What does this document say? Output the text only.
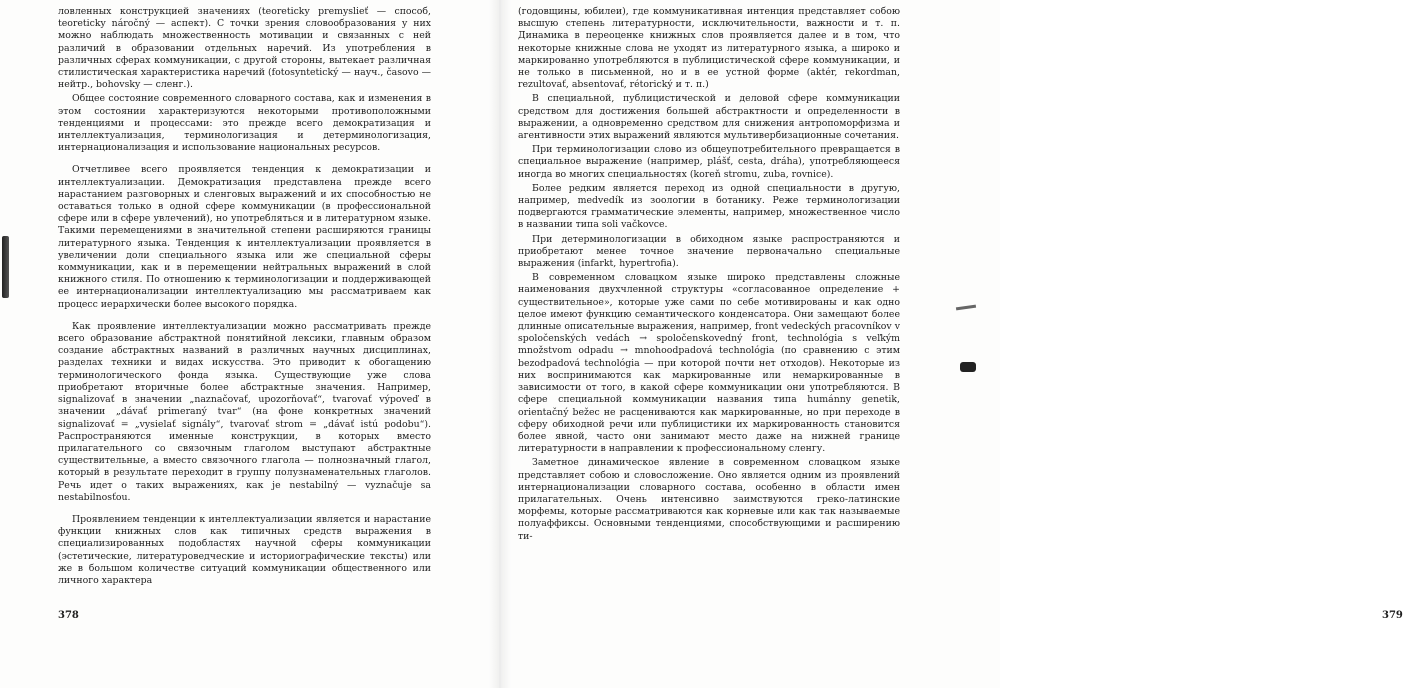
ловленных конструкцией значениях (teoreticky premyslieť — способ, teoreticky náročný — аспект). С точки зрения словообразования у них можно наблюдать множественность мотивации и связанных с ней различий в образовании отдельных наречий. Из употребления в различных сферах коммуникации, с другой стороны, вытекает различная стилистическая характеристика наречий (fotosyntetický — науч., časovo — нейтр., bohovsky — сленг.).

Общее состояние современного словарного состава, как и изменения в этом состоянии характеризуются некоторыми противоположными тенденциями и процессами: это прежде всего демократизация и интеллектуализация, терминологизация и детерминологизация, интернационализация и использование национальных ресурсов.

Отчетливее всего проявляется тенденция к демократизации и интеллектуализации. Демократизация представлена прежде всего нарастанием разговорных и сленговых выражений и их способностью не оставаться только в одной сфере коммуникации (в профессиональной сфере или в сфере увлечений), но употребляться и в литературном языке. Такими перемещениями в значительной степени расширяются границы литературного языка. Тенденция к интеллектуализации проявляется в увеличении доли специального языка или же специальной сферы коммуникации, как и в перемещении нейтральных выражений в слой книжного стиля. По отношению к терминологизации и поддерживающей ее интернационализации интеллектуализацию мы рассматриваем как процесс иерархически более высокого порядка.

Как проявление интеллектуализации можно рассматривать прежде всего образование абстрактной понятийной лексики, главным образом создание абстрактных названий в различных научных дисциплинах, разделах техники и видах искусства. Это приводит к обогащению терминологического фонда языка. Существующие уже слова приобретают вторичные более абстрактные значения. Например, signalizovať в значении „naznačovať, upozorňovať“, tvarovať výpoveď в значении „dávať primeraný tvar“ (на фоне конкретных значений signalizovať = „vysielať signály“, tvarovať strom = „dávať istú podobu“). Распространяются именные конструкции, в которых вместо прилагательного со связочным глаголом выступают абстрактные существительные, а вместо связочного глагола — полнозначный глагол, который в результате переходит в группу полузнаменательных глаголов. Речь идет о таких выражениях, как je nestabilný — vyznačuje sa nestabilnosťou.

Проявлением тенденции к интеллектуализации является и нарастание функции книжных слов как типичных средств выражения в специализированных подобластях научной сферы коммуникации (эстетические, литературоведческие и историографические тексты) или же в большом количестве ситуаций коммуникации общественного или личного характера

378	379

(годовщины, юбилеи), где коммуникативная интенция представляет собою высшую степень литературности, исключительности, важности и т. п. Динамика в переоценке книжных слов проявляется далее и в том, что некоторые книжные слова не уходят из литературного языка, а широко и маркированно употребляются в публицистической сфере коммуникации, и не только в письменной, но и в ее устной форме (aktér, rekordman, rezultovať, absentovať, rétorický и т. п.)

В специальной, публицистической и деловой сфере коммуникации средством для достижения большей абстрактности и определенности в выражении, а одновременно средством для снижения антропоморфизма и агентивности этих выражений являются мультивербизационные сочетания.

При терминологизации слово из общеупотребительного превращается в специальное выражение (например, plášť, cesta, dráha), употребляющееся иногда во многих специальностях (koreň stromu, zuba, rovnice).

Более редким является переход из одной специальности в другую, например, medvedík из зоологии в ботанику. Реже терминологизации подвергаются грамматические элементы, например, множественное число в названии типа soli vačkovce.

При детерминологизации в обиходном языке распространяются и приобретают менее точное значение первоначально специальные выражения (infarkt, hypertrofia).

В современном словацком языке широко представлены сложные наименования двухчленной структуры «согласованное определение + существительное», которые уже сами по себе мотивированы и как одно целое имеют функцию семантического конденсатора. Они замещают более длинные описательные выражения, например, front vedeckých pracovníkov v spoločenských vedách → spoločenskovedný front, technológia s veľkým množstvom odpadu → mnohoodpadová technológia (по сравнению с этим bezodpadová technológia — при которой почти нет отходов). Некоторые из них воспринимаются как маркированные или немаркированные в зависимости от того, в какой сфере коммуникации они употребляются. В сфере специальной коммуникации названия типа humánny genetik, orientačný bežec не расцениваются как маркированные, но при переходе в сферу обиходной речи или публицистики их маркированность становится более явной, часто они занимают место даже на нижней границе литературности в направлении к профессиональному сленгу.

Заметное динамическое явление в современном словацком языке представляет собою и словосложение. Оно является одним из проявлений интернационализации словарного состава, особенно в области имен прилагательных. Очень интенсивно заимствуются греко-латинские морфемы, которые рассматриваются как корневые или как так называемые полуаффиксы. Основными тенденциями, способствующими и расширению ти-
